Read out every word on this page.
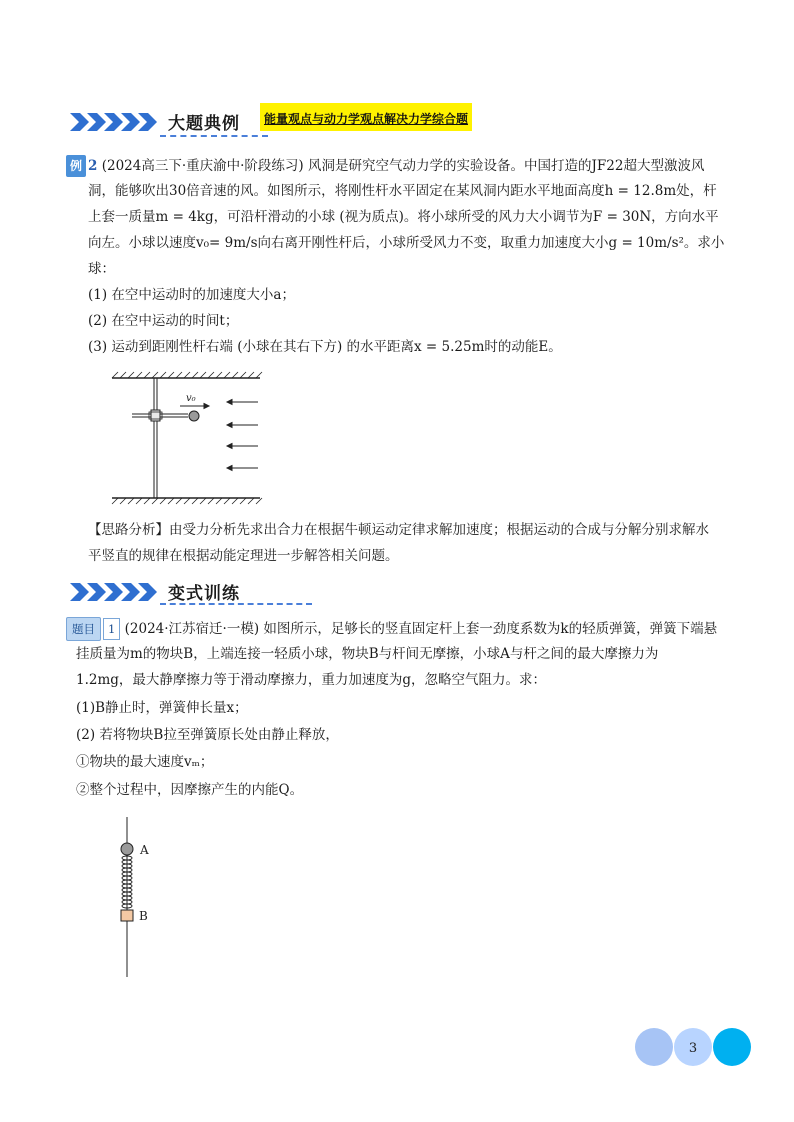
大题典例	能量观点与动力学观点解决力学综合题
例 2 (2024高三下·重庆渝中·阶段练习) 风洞是研究空气动力学的实验设备。中国打造的JF22超大型激波风
洞，能够吹出30倍音速的风。如图所示，将刚性杆水平固定在某风洞内距水平地面高度h = 12.8m处，杆
上套一质量m = 4kg，可沿杆滑动的小球 (视为质点)。将小球所受的风力大小调节为F = 30N，方向水平
向左。小球以速度v₀= 9m/s向右离开刚性杆后，小球所受风力不变，取重力加速度大小g = 10m/s²。求小
球：
(1) 在空中运动时的加速度大小a；
(2) 在空中运动的时间t；
(3) 运动到距刚性杆右端 (小球在其右下方) 的水平距离x = 5.25m时的动能E。
v₀
【思路分析】由受力分析先求出合力在根据牛顿运动定律求解加速度；根据运动的合成与分解分别求解水
平竖直的规律在根据动能定理进一步解答相关问题。
变式训练
题目 1 (2024·江苏宿迁·一模) 如图所示，足够长的竖直固定杆上套一劲度系数为k的轻质弹簧，弹簧下端悬
挂质量为m的物块B，上端连接一轻质小球，物块B与杆间无摩擦，小球A与杆之间的最大摩擦力为
1.2mg，最大静摩擦力等于滑动摩擦力，重力加速度为g，忽略空气阻力。求：
(1)B静止时，弹簧伸长量x；
(2) 若将物块B拉至弹簧原长处由静止释放，
①物块的最大速度vₘ；
②整个过程中，因摩擦产生的内能Q。
A
B
3
